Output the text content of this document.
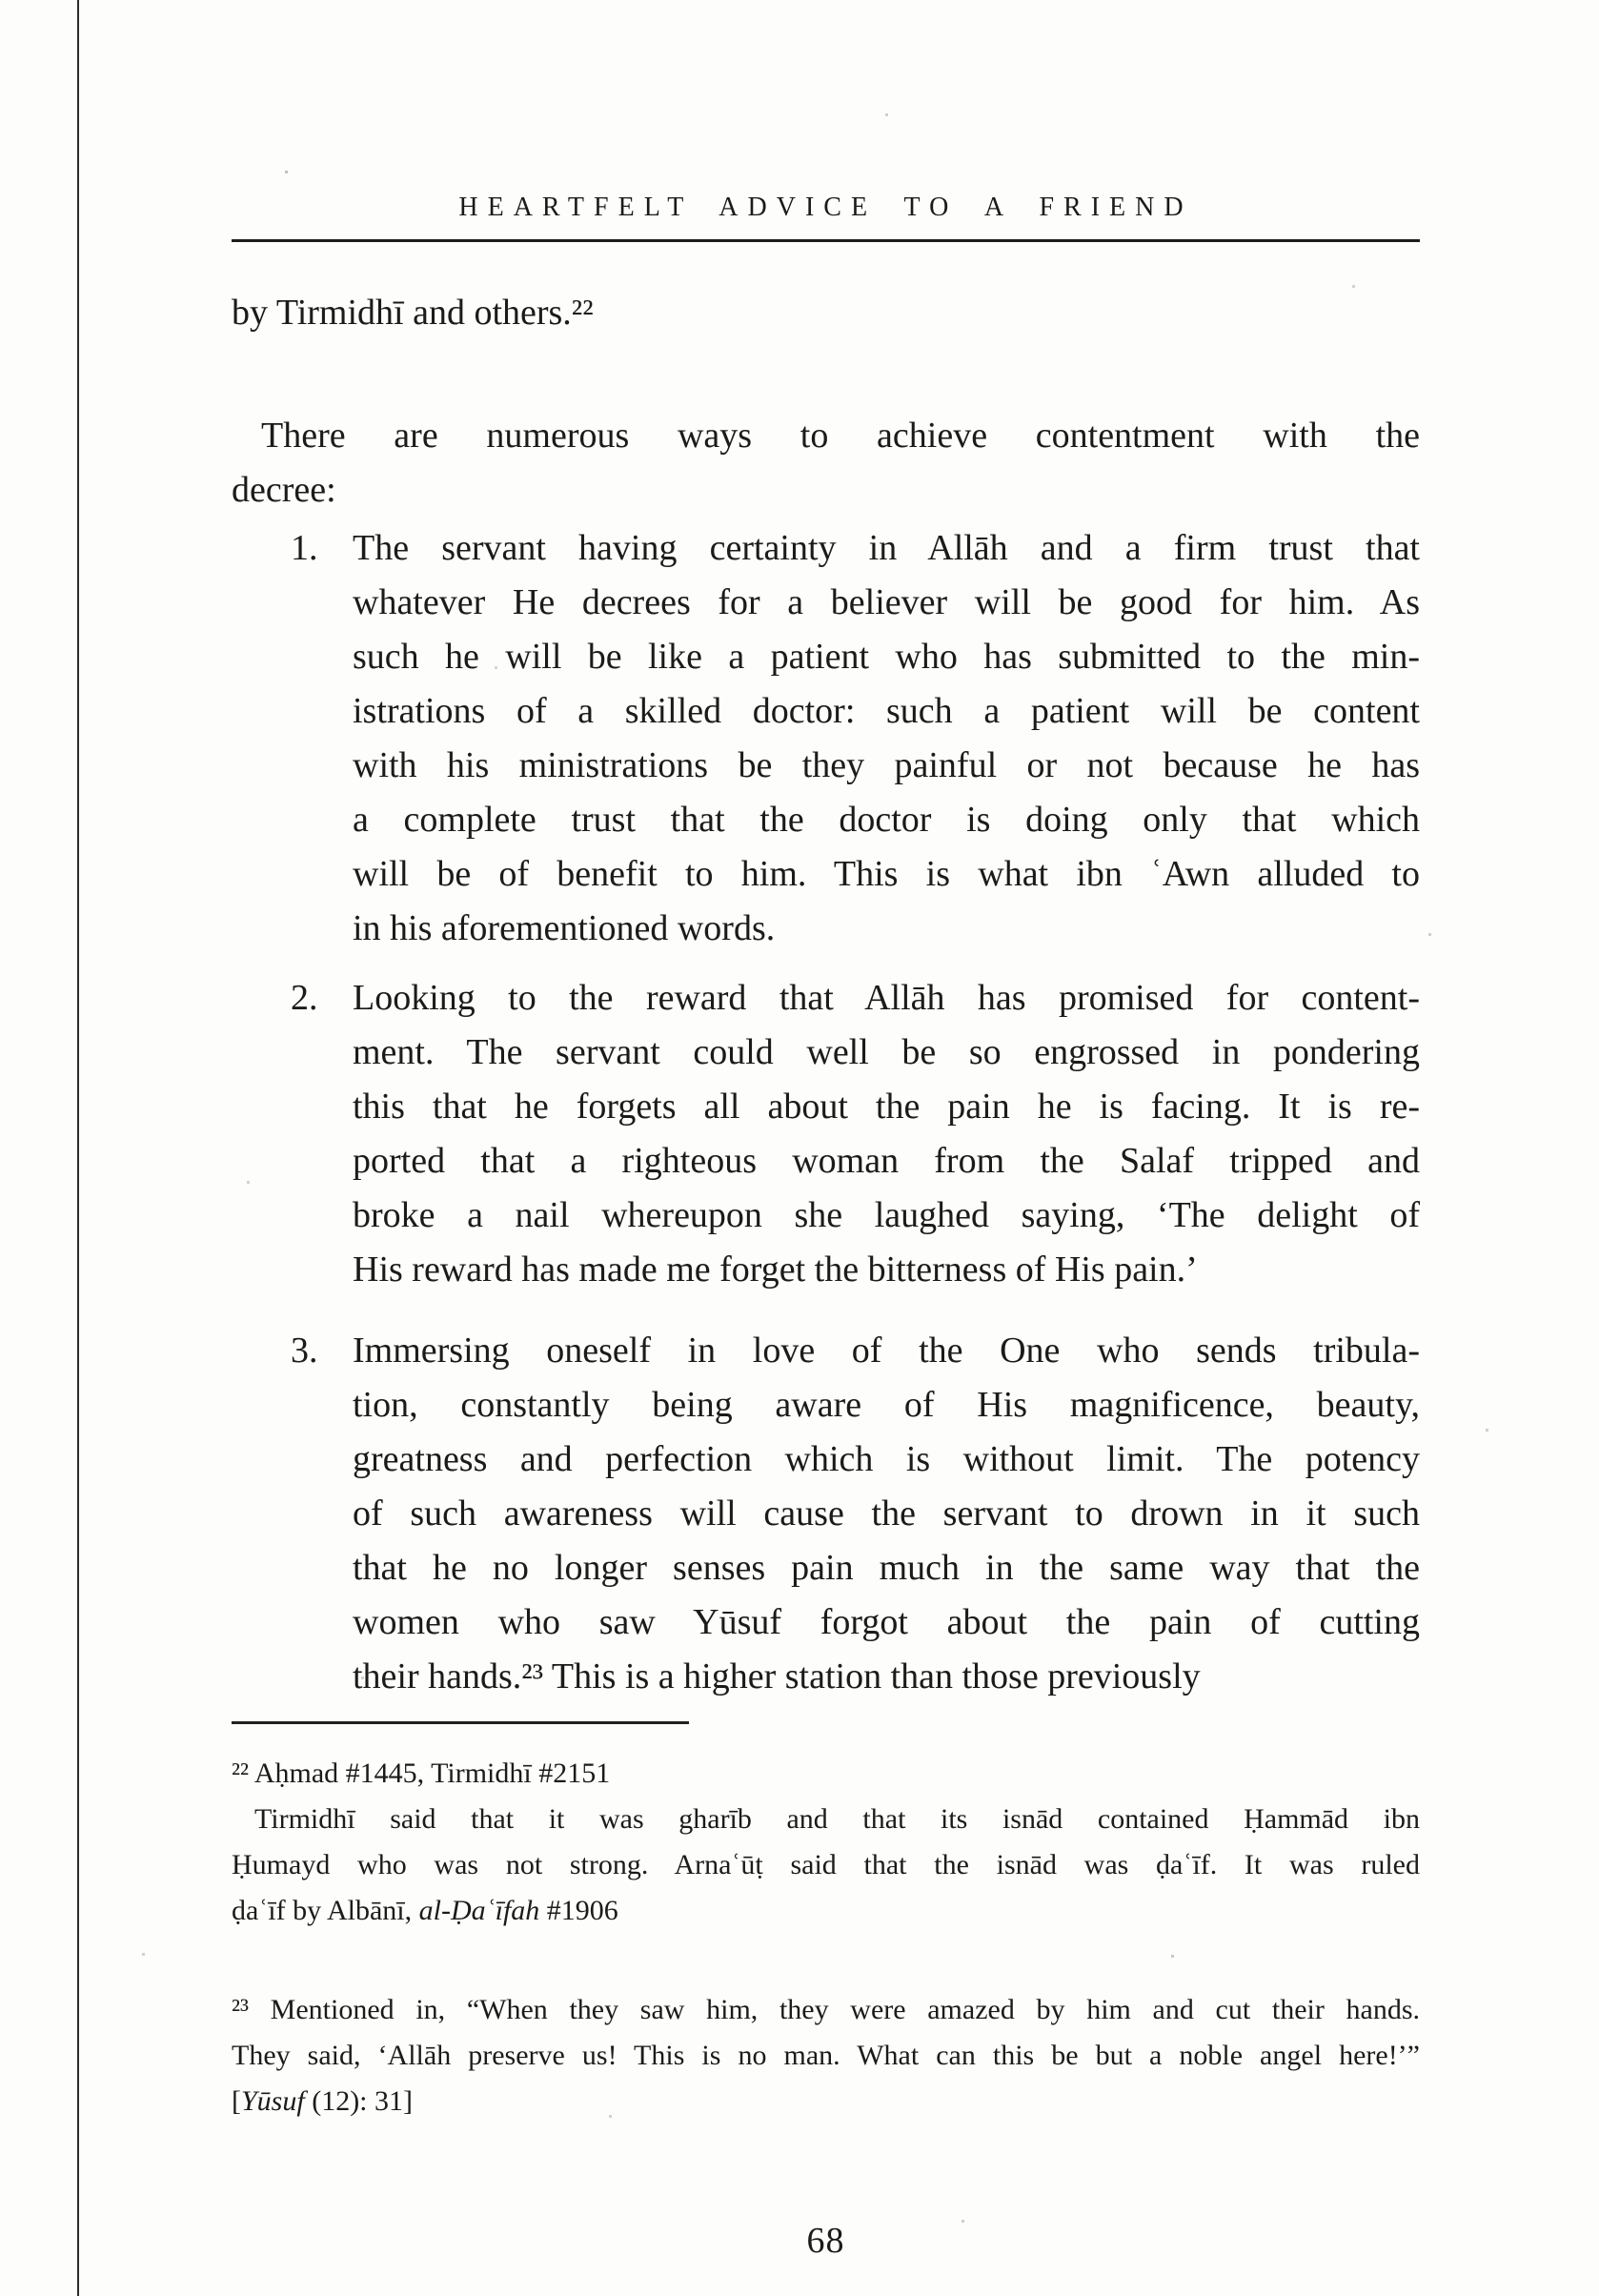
HEARTFELT ADVICE TO A FRIEND

by Tirmidhī and others.²²

There are numerous ways to achieve contentment with the
decree:
1. The servant having certainty in Allāh and a firm trust that
whatever He decrees for a believer will be good for him. As
such he will be like a patient who has submitted to the min-
istrations of a skilled doctor: such a patient will be content
with his ministrations be they painful or not because he has
a complete trust that the doctor is doing only that which
will be of benefit to him. This is what ibn ʿAwn alluded to
in his aforementioned words.
2. Looking to the reward that Allāh has promised for content-
ment. The servant could well be so engrossed in pondering
this that he forgets all about the pain he is facing. It is re-
ported that a righteous woman from the Salaf tripped and
broke a nail whereupon she laughed saying, ‘The delight of
His reward has made me forget the bitterness of His pain.’
3. Immersing oneself in love of the One who sends tribula-
tion, constantly being aware of His magnificence, beauty,
greatness and perfection which is without limit. The potency
of such awareness will cause the servant to drown in it such
that he no longer senses pain much in the same way that the
women who saw Yūsuf forgot about the pain of cutting
their hands.²³ This is a higher station than those previously
²² Aḥmad #1445, Tirmidhī #2151
Tirmidhī said that it was gharīb and that its isnād contained Ḥammād ibn
Ḥumayd who was not strong. Arnaʿūṭ said that the isnād was ḍaʿīf. It was ruled
ḍaʿīf by Albānī, al-Ḍaʿīfah #1906
²³ Mentioned in, “When they saw him, they were amazed by him and cut their hands.
They said, ‘Allāh preserve us! This is no man. What can this be but a noble angel here!’”
[Yūsuf (12): 31]
68
